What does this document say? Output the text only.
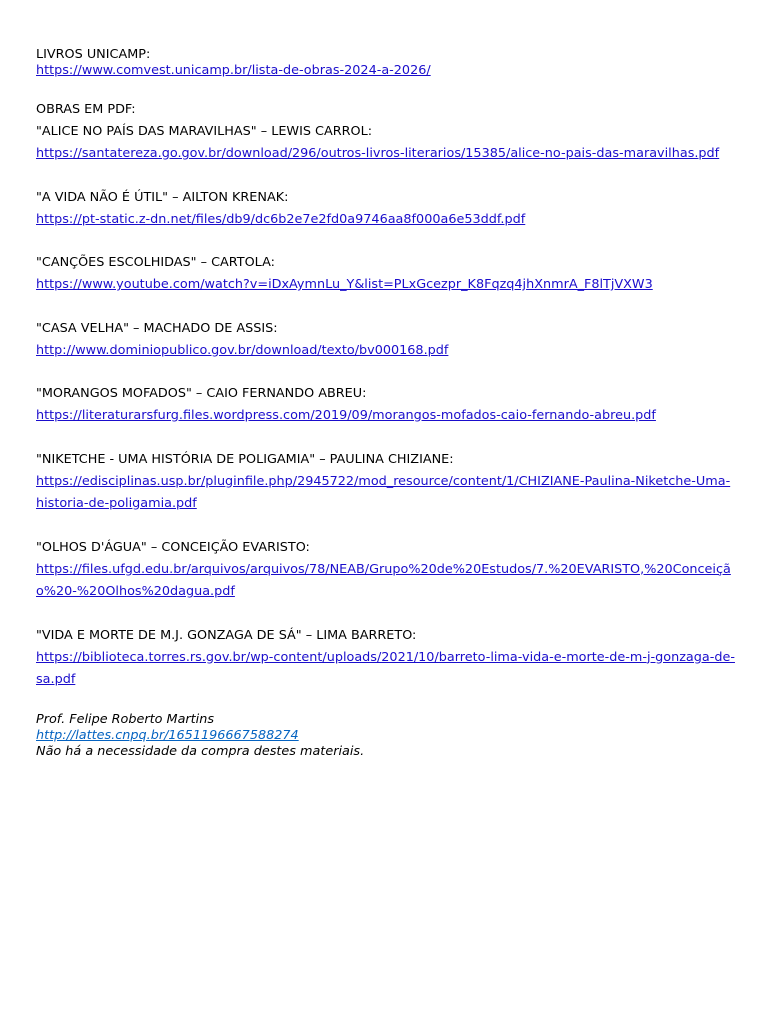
LIVROS UNICAMP:
https://www.comvest.unicamp.br/lista-de-obras-2024-a-2026/
OBRAS EM PDF:
"ALICE NO PAÍS DAS MARAVILHAS" – LEWIS CARROL:
https://santatereza.go.gov.br/download/296/outros-livros-literarios/15385/alice-no-pais-das-maravilhas.pdf
"A VIDA NÃO É ÚTIL" – AILTON KRENAK:
https://pt-static.z-dn.net/files/db9/dc6b2e7e2fd0a9746aa8f000a6e53ddf.pdf
"CANÇÕES ESCOLHIDAS" – CARTOLA:
https://www.youtube.com/watch?v=iDxAymnLu_Y&list=PLxGcezpr_K8Fqzq4jhXnmrA_F8lTjVXW3
"CASA VELHA" – MACHADO DE ASSIS:
http://www.dominiopublico.gov.br/download/texto/bv000168.pdf
"MORANGOS MOFADOS" – CAIO FERNANDO ABREU:
https://literaturarsfurg.files.wordpress.com/2019/09/morangos-mofados-caio-fernando-abreu.pdf
"NIKETCHE - UMA HISTÓRIA DE POLIGAMIA" – PAULINA CHIZIANE:
https://edisciplinas.usp.br/pluginfile.php/2945722/mod_resource/content/1/CHIZIANE-Paulina-Niketche-Uma-historia-de-poligamia.pdf
"OLHOS D'ÁGUA" – CONCEIÇÃO EVARISTO:
https://files.ufgd.edu.br/arquivos/arquivos/78/NEAB/Grupo%20de%20Estudos/7.%20EVARISTO,%20Conceição%20-%20Olhos%20dagua.pdf
"VIDA E MORTE DE M.J. GONZAGA DE SÁ" – LIMA BARRETO:
https://biblioteca.torres.rs.gov.br/wp-content/uploads/2021/10/barreto-lima-vida-e-morte-de-m-j-gonzaga-de-sa.pdf
Prof. Felipe Roberto Martins
http://lattes.cnpq.br/1651196667588274
Não há a necessidade da compra destes materiais.
